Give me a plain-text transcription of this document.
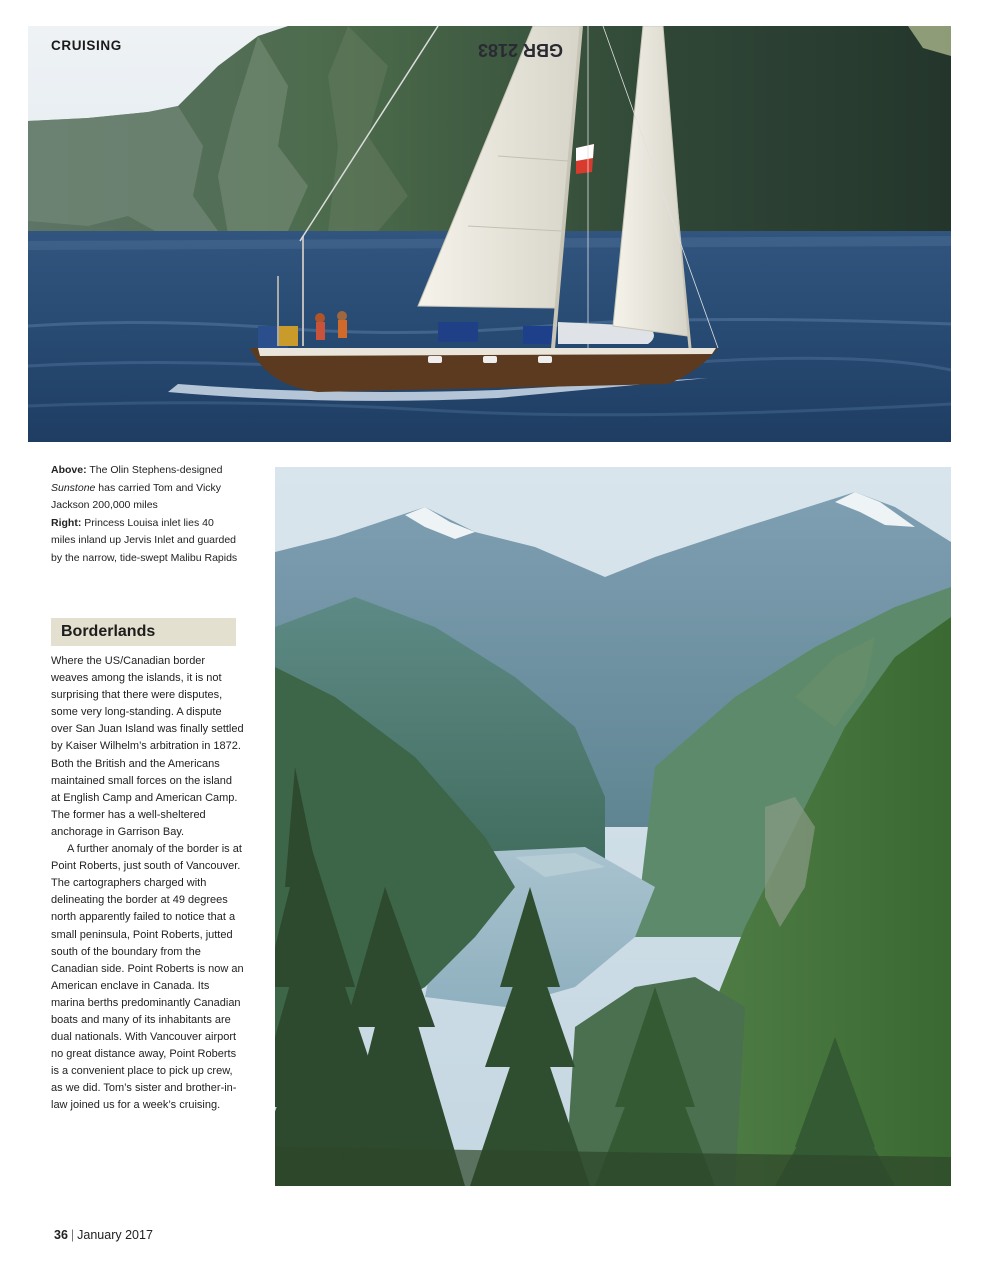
GBR 2183
CRUISING

Above: The Olin Stephens-designed Sunstone has carried Tom and Vicky Jackson 200,000 miles

Right: Princess Louisa inlet lies 40 miles inland up Jervis Inlet and guarded by the narrow, tide-swept Malibu Rapids

Borderlands

Where the US/Canadian border weaves among the islands, it is not surprising that there were disputes, some very long-standing. A dispute over San Juan Island was finally settled by Kaiser Wilhelm’s arbitration in 1872. Both the British and the Americans maintained small forces on the island at English Camp and American Camp. The former has a well-sheltered anchorage in Garrison Bay.

A further anomaly of the border is at Point Roberts, just south of Vancouver. The cartographers charged with delineating the border at 49 degrees north apparently failed to notice that a small peninsula, Point Roberts, jutted south of the boundary from the Canadian side. Point Roberts is now an American enclave in Canada. Its marina berths predominantly Canadian boats and many of its inhabitants are dual nationals. With Vancouver airport no great distance away, Point Roberts is a convenient place to pick up crew, as we did. Tom’s sister and brother-in-law joined us for a week’s cruising.

36 | January 2017
